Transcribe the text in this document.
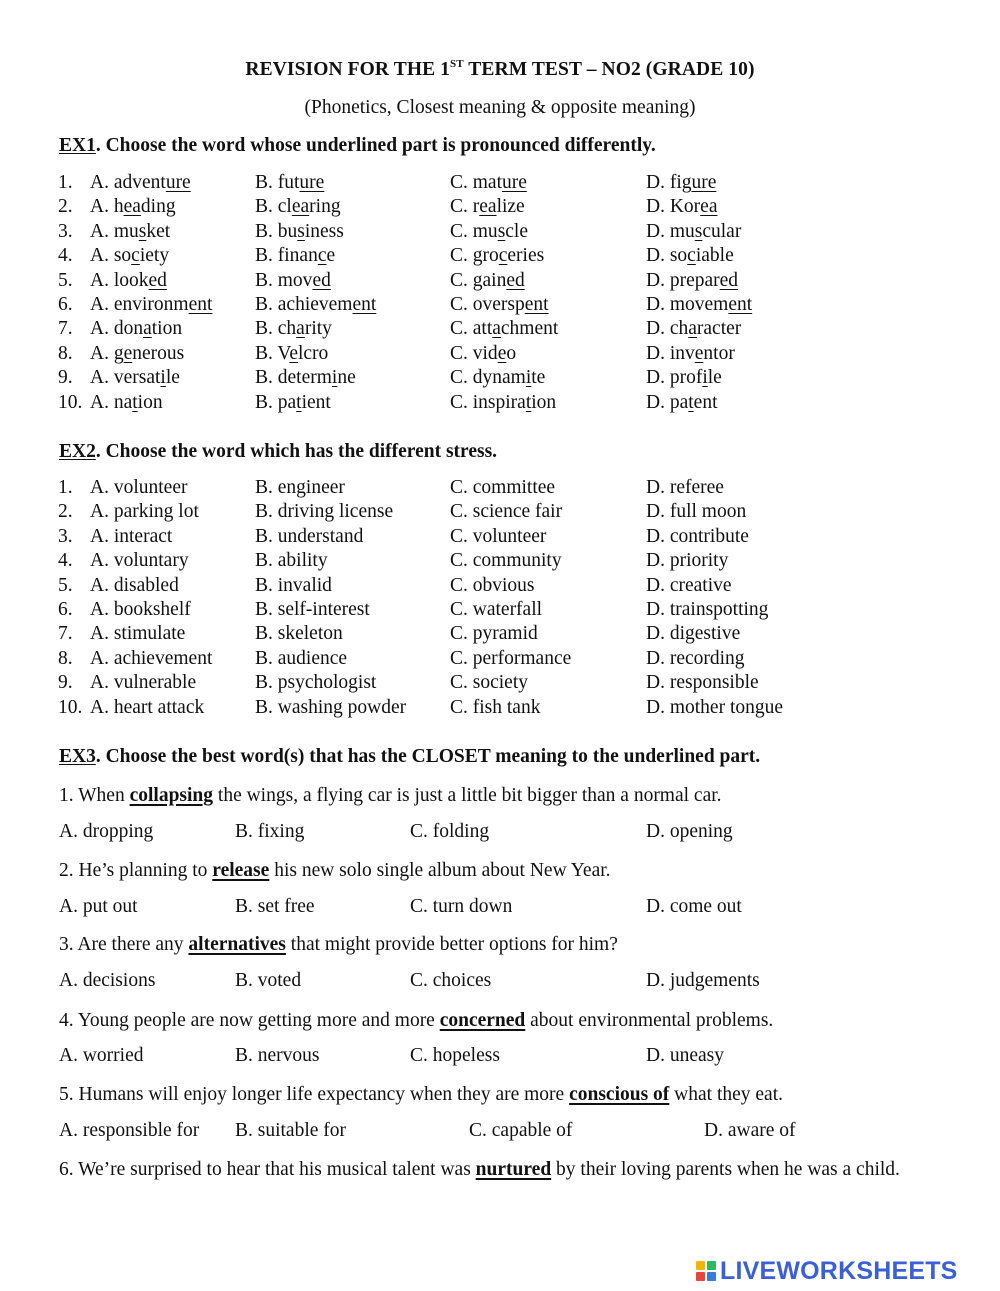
REVISION FOR THE 1ST TERM TEST – NO2 (GRADE 10)
(Phonetics, Closest meaning & opposite meaning)
EX1. Choose the word whose underlined part is pronounced differently.
1. A. adventure	B. future	C. mature	D. figure
2. A. heading	B. clearing	C. realize	D. Korea
3. A. musket	B. business	C. muscle	D. muscular
4. A. society	B. finance	C. groceries	D. sociable
5. A. looked	B. moved	C. gained	D. prepared
6. A. environment B. achievement	C. overspent	D. movement
7. A. donation	B. charity	C. attachment	D. character
8. A. generous	B. Velcro	C. video	D. inventor
9. A. versatile	B. determine	C. dynamite	D. profile
10. A. nation	B. patient	C. inspiration	D. patent
EX2. Choose the word which has the different stress.
1. A. volunteer	B. engineer	C. committee	D. referee
2. A. parking lot	B. driving license	C. science fair	D. full moon
3. A. interact	B. understand	C. volunteer	D. contribute
4. A. voluntary	B. ability	C. community	D. priority
5. A. disabled	B. invalid	C. obvious	D. creative
6. A. bookshelf	B. self-interest	C. waterfall	D. trainspotting
7. A. stimulate	B. skeleton	C. pyramid	D. digestive
8. A. achievement B. audience	C. performance	D. recording
9. A. vulnerable	B. psychologist	C. society	D. responsible
10. A. heart attack	B. washing powder C. fish tank	D. mother tongue
EX3. Choose the best word(s) that has the CLOSET meaning to the underlined part.
1. When collapsing the wings, a flying car is just a little bit bigger than a normal car.
A. dropping	B. fixing	C. folding	D. opening
2. He’s planning to release his new solo single album about New Year.
A. put out	B. set free	C. turn down	D. come out
3. Are there any alternatives that might provide better options for him?
A. decisions	B. voted	C. choices	D. judgements
4. Young people are now getting more and more concerned about environmental problems.
A. worried	B. nervous	C. hopeless	D. uneasy
5. Humans will enjoy longer life expectancy when they are more conscious of what they eat.
A. responsible for B. suitable for	C. capable of	D. aware of
6. We’re surprised to hear that his musical talent was nurtured by their loving parents when he was a child.
LIVEWORKSHEETS
